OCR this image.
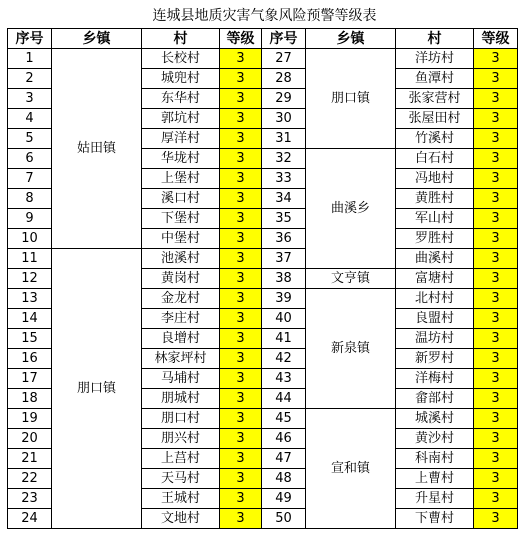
连城县地质灾害气象风险预警等级表
序号	乡镇	村	等级	序号	乡镇	村	等级
1	姑田镇	长校村	3	27	朋口镇	洋坊村	3
2		城兜村	3	28		鱼潭村	3
3		东华村	3	29		张家营村	3
4		郭坑村	3	30		张屋田村	3
5		厚洋村	3	31		竹溪村	3
6		华垅村	3	32	曲溪乡	白石村	3
7		上堡村	3	33		冯地村	3
8		溪口村	3	34		黄胜村	3
9		下堡村	3	35		军山村	3
10		中堡村	3	36		罗胜村	3
11	朋口镇	池溪村	3	37		曲溪村	3
12		黄岗村	3	38	文亨镇	富塘村	3
13		金龙村	3	39	新泉镇	北村村	3
14		李庄村	3	40		良盟村	3
15		良增村	3	41		温坊村	3
16		林家坪村	3	42		新罗村	3
17		马埔村	3	43		洋梅村	3
18		朋城村	3	44		畲部村	3
19		朋口村	3	45	宣和镇	城溪村	3
20		朋兴村	3	46		黄沙村	3
21		上莒村	3	47		科南村	3
22		天马村	3	48		上曹村	3
23		王城村	3	49		升星村	3
24		文地村	3	50		下曹村	3
